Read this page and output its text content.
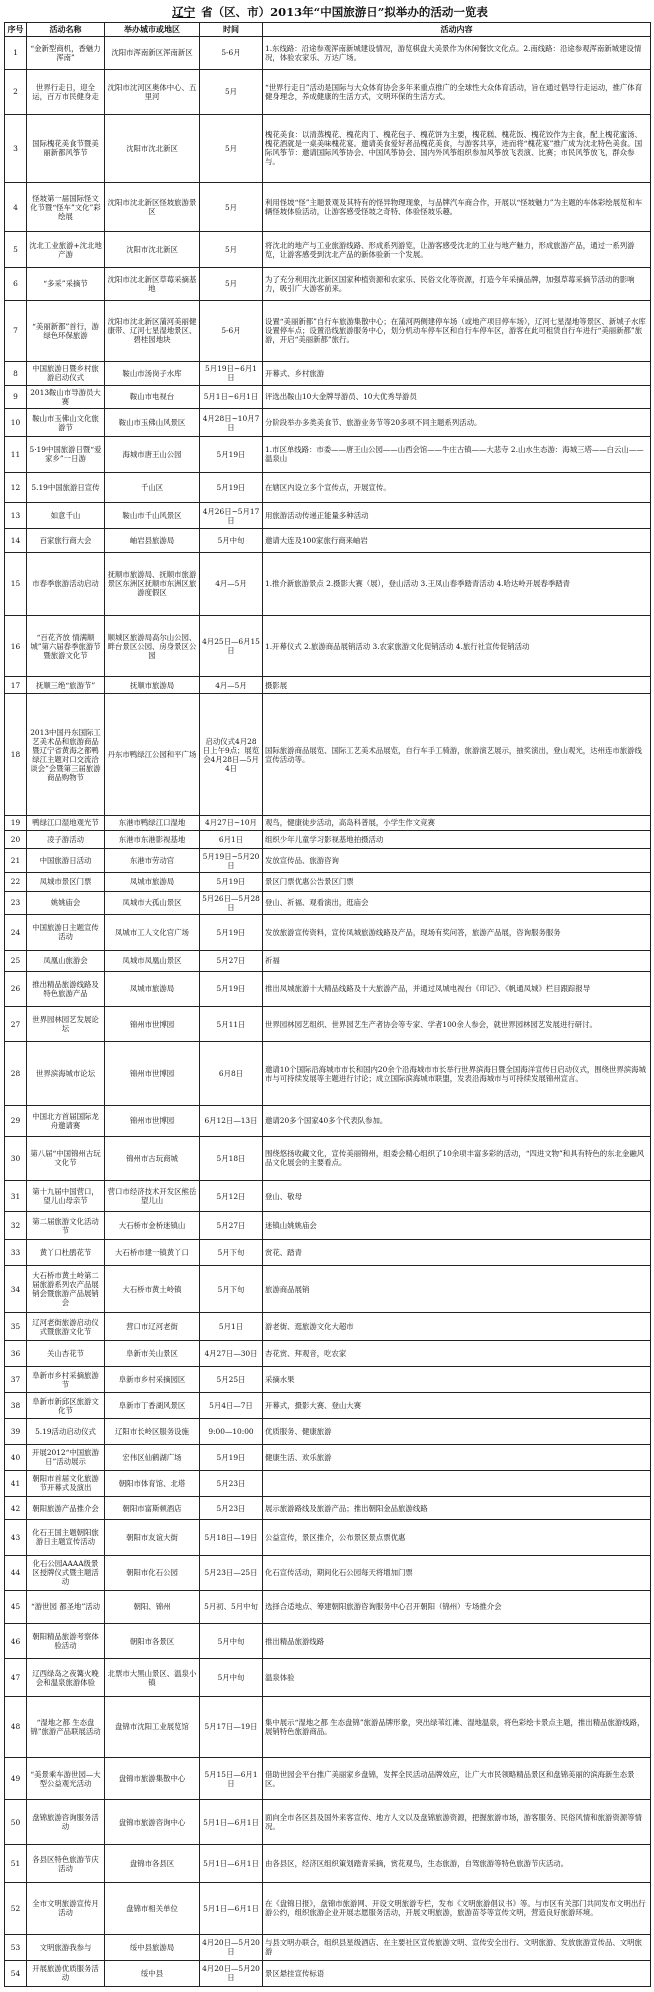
辽宁 省（区、市）2013年“中国旅游日”拟举办的活动一览表
序号	活动名称	举办城市或地区	时间	活动内容
1	“金新型商机，香魅力浑南”	沈阳市浑南新区浑南新区	5-6月	1.东线路：沿途参观浑南新城建设情况，游览棋盘大美景作为休闲餐饮文化点。2.南线路：沿途参观浑南新城建设情况，体验农家乐、万达广场。
2	世界行走日，迎全运，百万市民健身走	沈阳市沈河区奥体中心、五里河	5月	“世界行走日”活动是国际与大众体育协会多年来重点推广的全球性大众体育活动，旨在通过倡导行走运动，推广体育健身理念，养成健康的生活方式，文明环保的生活方式。
3	国际槐花美食节暨美丽新都风筝节	沈阳市沈北新区	5月	槐花美食：以清蒸槐花、槐花肉丁、槐花包子、槐花饼为主要，槐花糕、槐花饭、槐花饺作为主食，配上槐花蜜汤、槐花酒就是一桌美味槐花宴。邀请美食爱好者品槐花美食，与游客共享，进而将“槐花宴”推广成为沈北特色美食。国际风筝节：邀请国际风筝协会、中国风筝协会、国内外风筝组织参加风筝放飞表演、比赛；市民风筝放飞，群众参与。
4	怪坡第一届国际怪文化节暨“怪车”文化”彩绘展	沈阳市沈北新区怪坡旅游景区	5月	利用怪坡“怪”主题景观及其特有的怪异物理现象，与品牌汽车商合作，开展以“怪坡魅力”为主题的车体彩绘展览和车辆怪坡体验活动，让游客感受怪坡之奇特、体验怪坡乐趣。
5	沈北工业旅游+沈北地产游	沈阳市沈北新区	5月	将沈北的地产与工业旅游线路、形成系列游览，让游客感受沈北的工业与地产魅力，形成旅游产品，通过一系列游览，让游客感受到沈北产品的新体验新一个发展。
6	“多采”采摘节	沈阳市沈北新区草莓采摘基地	5月	为了充分利用沈北新区国家种植资源和农家乐、民俗文化等资源，打造今年采摘品牌，加强草莓采摘节活动的影响力，吸引广大游客前来。
7	“美丽新都”首行，游绿色环保旅游	沈阳市沈北新区蒲河美丽健康带、辽河七星湿地景区、碧桂园地块	5-6月	设置“美丽新都”自行车旅游集散中心；在蒲河两侧建停车场（或地产项目停车场），辽河七星湿地等景区、新城子水库设置停车点；设置沿线旅游服务中心，划分机动车停车区和自行车停车区，游客在此可租赁自行车进行“美丽新都”旅游，开启“美丽新都”旅行。
8	中国旅游日暨乡村旅游启动仪式	鞍山市汤岗子水库	5月19日~6月1日	开幕式、乡村旅游
9	2013鞍山市导游员大赛	鞍山市电视台	5月1日~6月1日	评选出鞍山10大金牌导游员、10大优秀导游员
10	鞍山市玉佛山文化旅游节	鞍山市玉佛山风景区	4月28日~10月7日	分阶段举办多类美食节、旅游业务节等20多项不同主题系列活动。
11	5·19中国旅游日暨“爱家乡”一日游	海城市唐王山公园	5月19日	1.市区单线路：市委——唐王山公园——山西会馆——牛庄古镇——大悲寺 2.山水生态游：海城三塔——白云山——温泉山
12	5.19中国旅游日宣传	千山区	5月19日	在辖区内设立多个宣传点，开展宣传。
13	如意千山	鞍山市千山风景区	4月26日~5月17日	用旅游活动传递正能量多种活动
14	百家旅行商大会	岫岩县旅游局	5月中旬	邀请大连及100家旅行商来岫岩
15	市春季旅游活动启动	抚顺市旅游局、抚顺市旅游景区东洲区抚顺市东洲区旅游度假区	4月—5月	1.推介新旅游景点 2.摄影大赛（展），登山活动 3.王凤山春季踏青活动 4.哈达岭开展春季踏青
16	“百花齐放 情满顺城”第六届春季旅游节暨旅游文化节	顺城区旅游局高尔山公园、畔台景区公园、房身景区公园	4月25日—6月15日	1.开幕仪式 2.旅游商品展销活动 3.农家旅游文化促销活动 4.旅行社宣传促销活动
17	抚顺三绝“旅游节”	抚顺市旅游局	4月—5月	摄影展
18	2013中国丹东国际工艺美术品和旅游商品暨辽宁省黄海之都鸭绿江主题对口交流洽谈会”会暨第三届旅游商品购物节	丹东市鸭绿江公园和平广场	启动仪式4月28日上午9点；展览会4月28日—5月4日	国际旅游商品展览、国际工艺美术品展览，自行车手工骑游，旅游演艺展示，抽奖演出，登山观光，达州连市旅游线宣传活动等。
19	鸭绿江口湿地观光节	东港市鸭绿江口湿地	4月27日~10月	观鸟，健康徒步活动，高岛科普展，小学生作文竞赛
20	凌子游活动	东港市东港影视基地	6月1日	组织少年儿童学习影视基地拍摄活动
21	中国旅游日活动	东港市劳动官	5月19日~5月20日	发放宣传品、旅游咨询
22	凤城市景区门票	凤城市旅游局	5月19日	景区门票优惠公告景区门票
23	姚姚庙会	凤城市大孤山景区	5月26日—5月28日	登山、祈福、观看演出，逛庙会
24	中国旅游日主题宣传活动	凤城市工人文化官广场	5月19日	发放旅游宣传资料，宣传凤城旅游线路及产品，现场有奖问答，旅游产品展，咨询服务服务
25	凤凰山旅游会	凤城市凤凰山景区	5月27日	祈福
26	推出精品旅游线路及特色旅游产品	凤城市旅游局	5月19日	推出凤城旅游十大精品线路及十大旅游产品，并通过凤城电视台《印记》、《帆通凤城》栏目跟踪报导
27	世界园林园艺发展论坛	锦州市世博园	5月11日	世界园林园艺组织、世界园艺生产者协会等专家、学者100余人参会，就世界园林园艺发展进行研讨。
28	世界滨海城市论坛	锦州市世博园	6月8日	邀请10个国际沿海城市市长和国内20余个沿海城市市长举行世界滨海日暨全国海洋宣传日启动仪式，围绕世界滨海城市与可持续发展等主题进行讨论；成立国际滨海城市联盟，发表沿海城市与可持续发展锦州宣言。
29	中国北方首届国际龙舟邀请赛	锦州市世博园	6月12日—13日	邀请20多个国家40多个代表队参加。
30	第八届“中国锦州古玩文化节	锦州市古玩商城	5月18日	围绕悠扬收藏文化，宣传美丽锦州，组委会精心组织了10余项丰富多彩的活动，“四进文物”和具有特色的东北金融风品文化展会的主要看点。
31	第十九届中国营口，望儿山母亲节	营口市经济技术开发区熊岳望儿山	5月12日	登山、敬母
32	第二届旅游文化活动节	大石桥市金桥迷镇山	5月27日	迷镇山姚姚庙会
33	黄丫口杜鹃花节	大石桥市建一镇黄丫口	5月下旬	赏花、踏青
34	大石桥市黄土岭第二届旅游系列农产品展销会暨旅游产品展销会	大石桥市黄土岭镇	5月下旬	旅游商品展销
35	辽河老街旅游启动仪式暨旅游文化节	营口市辽河老街	5月1日	游老街、逛旅游文化大超市
36	关山杏花节	阜新市关山景区	4月27日—30日	杏花赏、拜观音，吃农家
37	阜新市乡村采摘旅游节	阜新市乡村采摘园区	5月25日	采摘水果
38	阜新市新邱区旅游文化节	阜新市丁香湖风景区	5月4日—7日	开幕式，摄影大赛、登山大赛
39	5.19活动启动仪式	辽阳市长岭区服务设施	9:00—10:00	优质服务、健康旅游
40	开展2012“中国旅游日”活动展示	宏伟区仙鹤湖广场	5月19日	健康生活、欢乐旅游
41	朝阳市首届文化旅游节开幕式及演出	朝阳市体育馆、北塔	5月23日	
42	朝阳旅游产品推介会	朝阳市富斯顿酒店	5月23日	展示旅游路线及旅游产品；推出朝阳金品旅游线路
43	化石王国主题朝阳旅游日主题宣传活动	朝阳市友谊大街	5月18日—19日	公益宣传，景区推介，公布景区景点票优惠
44	化石公园AAAA级景区授牌仪式暨主题活动	朝阳市化石公园	5月23日—25日	化石宣传活动，期间化石公园每天将增加门票
45	“游世园 都圣地”活动	朝阳、锦州	5月初、5月中旬	选择合适地点、筹建朝阳旅游咨询服务中心召开朝阳（锦州）专场推介会
46	朝阳精品旅游考察体验活动	朝阳市各景区	5月中旬	推出精品旅游线路
47	辽西绿岛之夜篝火晚会和温泉旅游体验	北票市大黑山景区、温泉小镇	5月中旬	温泉体验
48	“湿地之都 生态盘锦”旅游产品联展活动	盘锦市沈阳工业展览馆	5月17日—19日	集中展示“湿地之都 生态盘锦”旅游品牌形象，突出绿苇红滩、湿地温泉，将色彩绘卡景点主题，推出精品旅游线路，展销特色旅游商品。
49	“美景乘车游世园—大型公益观光活动	盘锦市旅游集散中心	5月15日—6月1日	借助世园会平台推广美丽家乡盘锦，发挥全民活动品牌效应，让广大市民领略精品景区和盘锦美丽的滨海新生态景区。
50	盘锦旅游咨询服务活动	盘锦市旅游咨询中心	5月1日—6月1日	面向全市各区县及国外来客宣传、地方人文以及盘锦旅游资源，把握旅游市场，游客服务、民俗风情和旅游资源等情况。
51	各县区特色旅游节庆活动	盘锦市各县区	5月1日—6月1日	由各县区，经济区组织策划踏青采摘，赏花观鸟，生态旅游，自驾旅游等特色旅游节庆活动。
52	全市文明旅游宣传月活动	盘锦市相关单位	5月1日—6月1日	在《盘锦日报》，盘锦市旅游网、开设文明旅游专栏，发布《文明旅游倡议书》等。与市区有关部门共同发布文明出行游公约，组织旅游企业开展志愿服务活动，开展文明旅游，旅游苗苓等宣传文明，营造良好旅游环境。
53	文明旅游我参与	绥中县旅游局	4月20日—5月20日	与县文明办联合，组织县星级酒店、在主要社区宣传旅游文明、宣传安全出行、文明旅游、发放旅游宣传品、文明旅游
54	开展旅游优质服务活动	绥中县	4月20日—5月20日	景区悬挂宣传标语
